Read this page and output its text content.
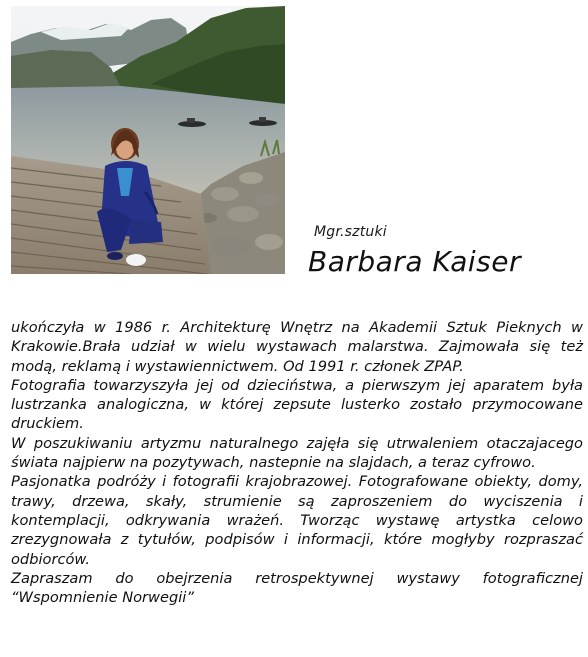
Mgr.sztuki
Barbara Kaiser

ukończyła w 1986 r. Architekturę Wnętrz na Akademii Sztuk Pieknych w Krakowie.Brała udział w wielu wystawach malarstwa. Zajmowała się też modą, reklamą i wystawiennictwem. Od 1991 r. członek ZPAP.

Fotografia towarzyszyła jej od dzieciństwa, a pierwszym jej aparatem była lustrzanka analogiczna, w której zepsute lusterko zostało przymocowane druckiem.

W poszukiwaniu artyzmu naturalnego zajęła się utrwaleniem otaczajacego świata najpierw na pozytywach, nastepnie na slajdach, a teraz cyfrowo.

Pasjonatka podróży i fotografii krajobrazowej. Fotografowane obiekty, domy, trawy, drzewa, skały, strumienie są zaproszeniem do wyciszenia i kontemplacji, odkrywania wrażeń. Tworząc wystawę artystka celowo zrezygnowała z tytułów, podpisów i informacji, które mogłyby rozpraszać odbiorców.

Zapraszam do obejrzenia retrospektywnej wystawy fotograficznej “Wspomnienie Norwegii”
